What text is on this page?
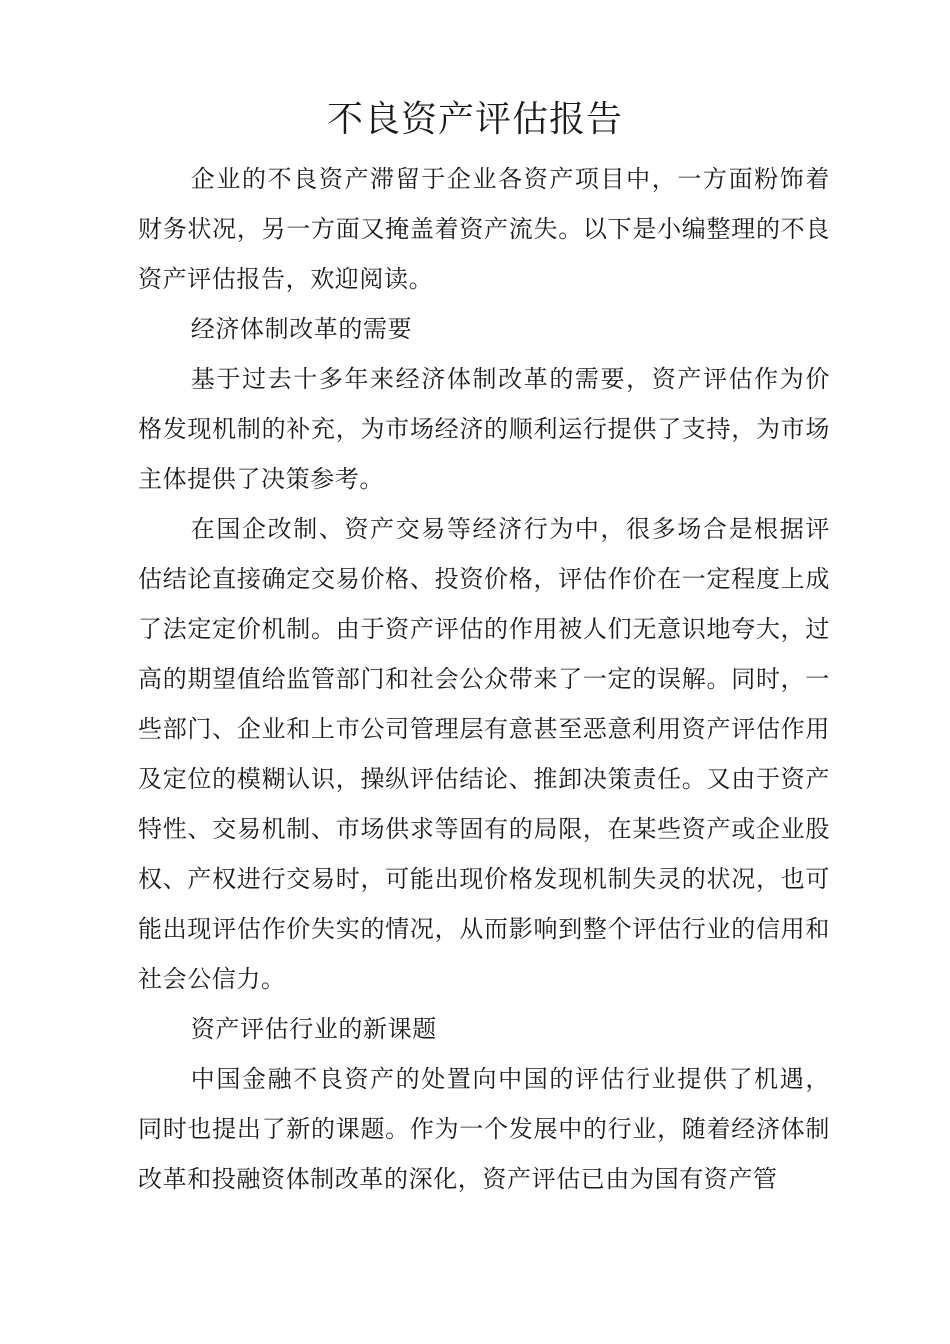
不良资产评估报告

企业的不良资产滞留于企业各资产项目中，一方面粉饰着财务状况，另一方面又掩盖着资产流失。以下是小编整理的不良资产评估报告，欢迎阅读。

经济体制改革的需要

基于过去十多年来经济体制改革的需要，资产评估作为价格发现机制的补充，为市场经济的顺利运行提供了支持，为市场主体提供了决策参考。

在国企改制、资产交易等经济行为中，很多场合是根据评估结论直接确定交易价格、投资价格，评估作价在一定程度上成了法定定价机制。由于资产评估的作用被人们无意识地夸大，过高的期望值给监管部门和社会公众带来了一定的误解。同时，一些部门、企业和上市公司管理层有意甚至恶意利用资产评估作用及定位的模糊认识，操纵评估结论、推卸决策责任。又由于资产特性、交易机制、市场供求等固有的局限，在某些资产或企业股权、产权进行交易时，可能出现价格发现机制失灵的状况，也可能出现评估作价失实的情况，从而影响到整个评估行业的信用和社会公信力。

资产评估行业的新课题

中国金融不良资产的处置向中国的评估行业提供了机遇，同时也提出了新的课题。作为一个发展中的行业，随着经济体制改革和投融资体制改革的深化，资产评估已由为国有资产管
